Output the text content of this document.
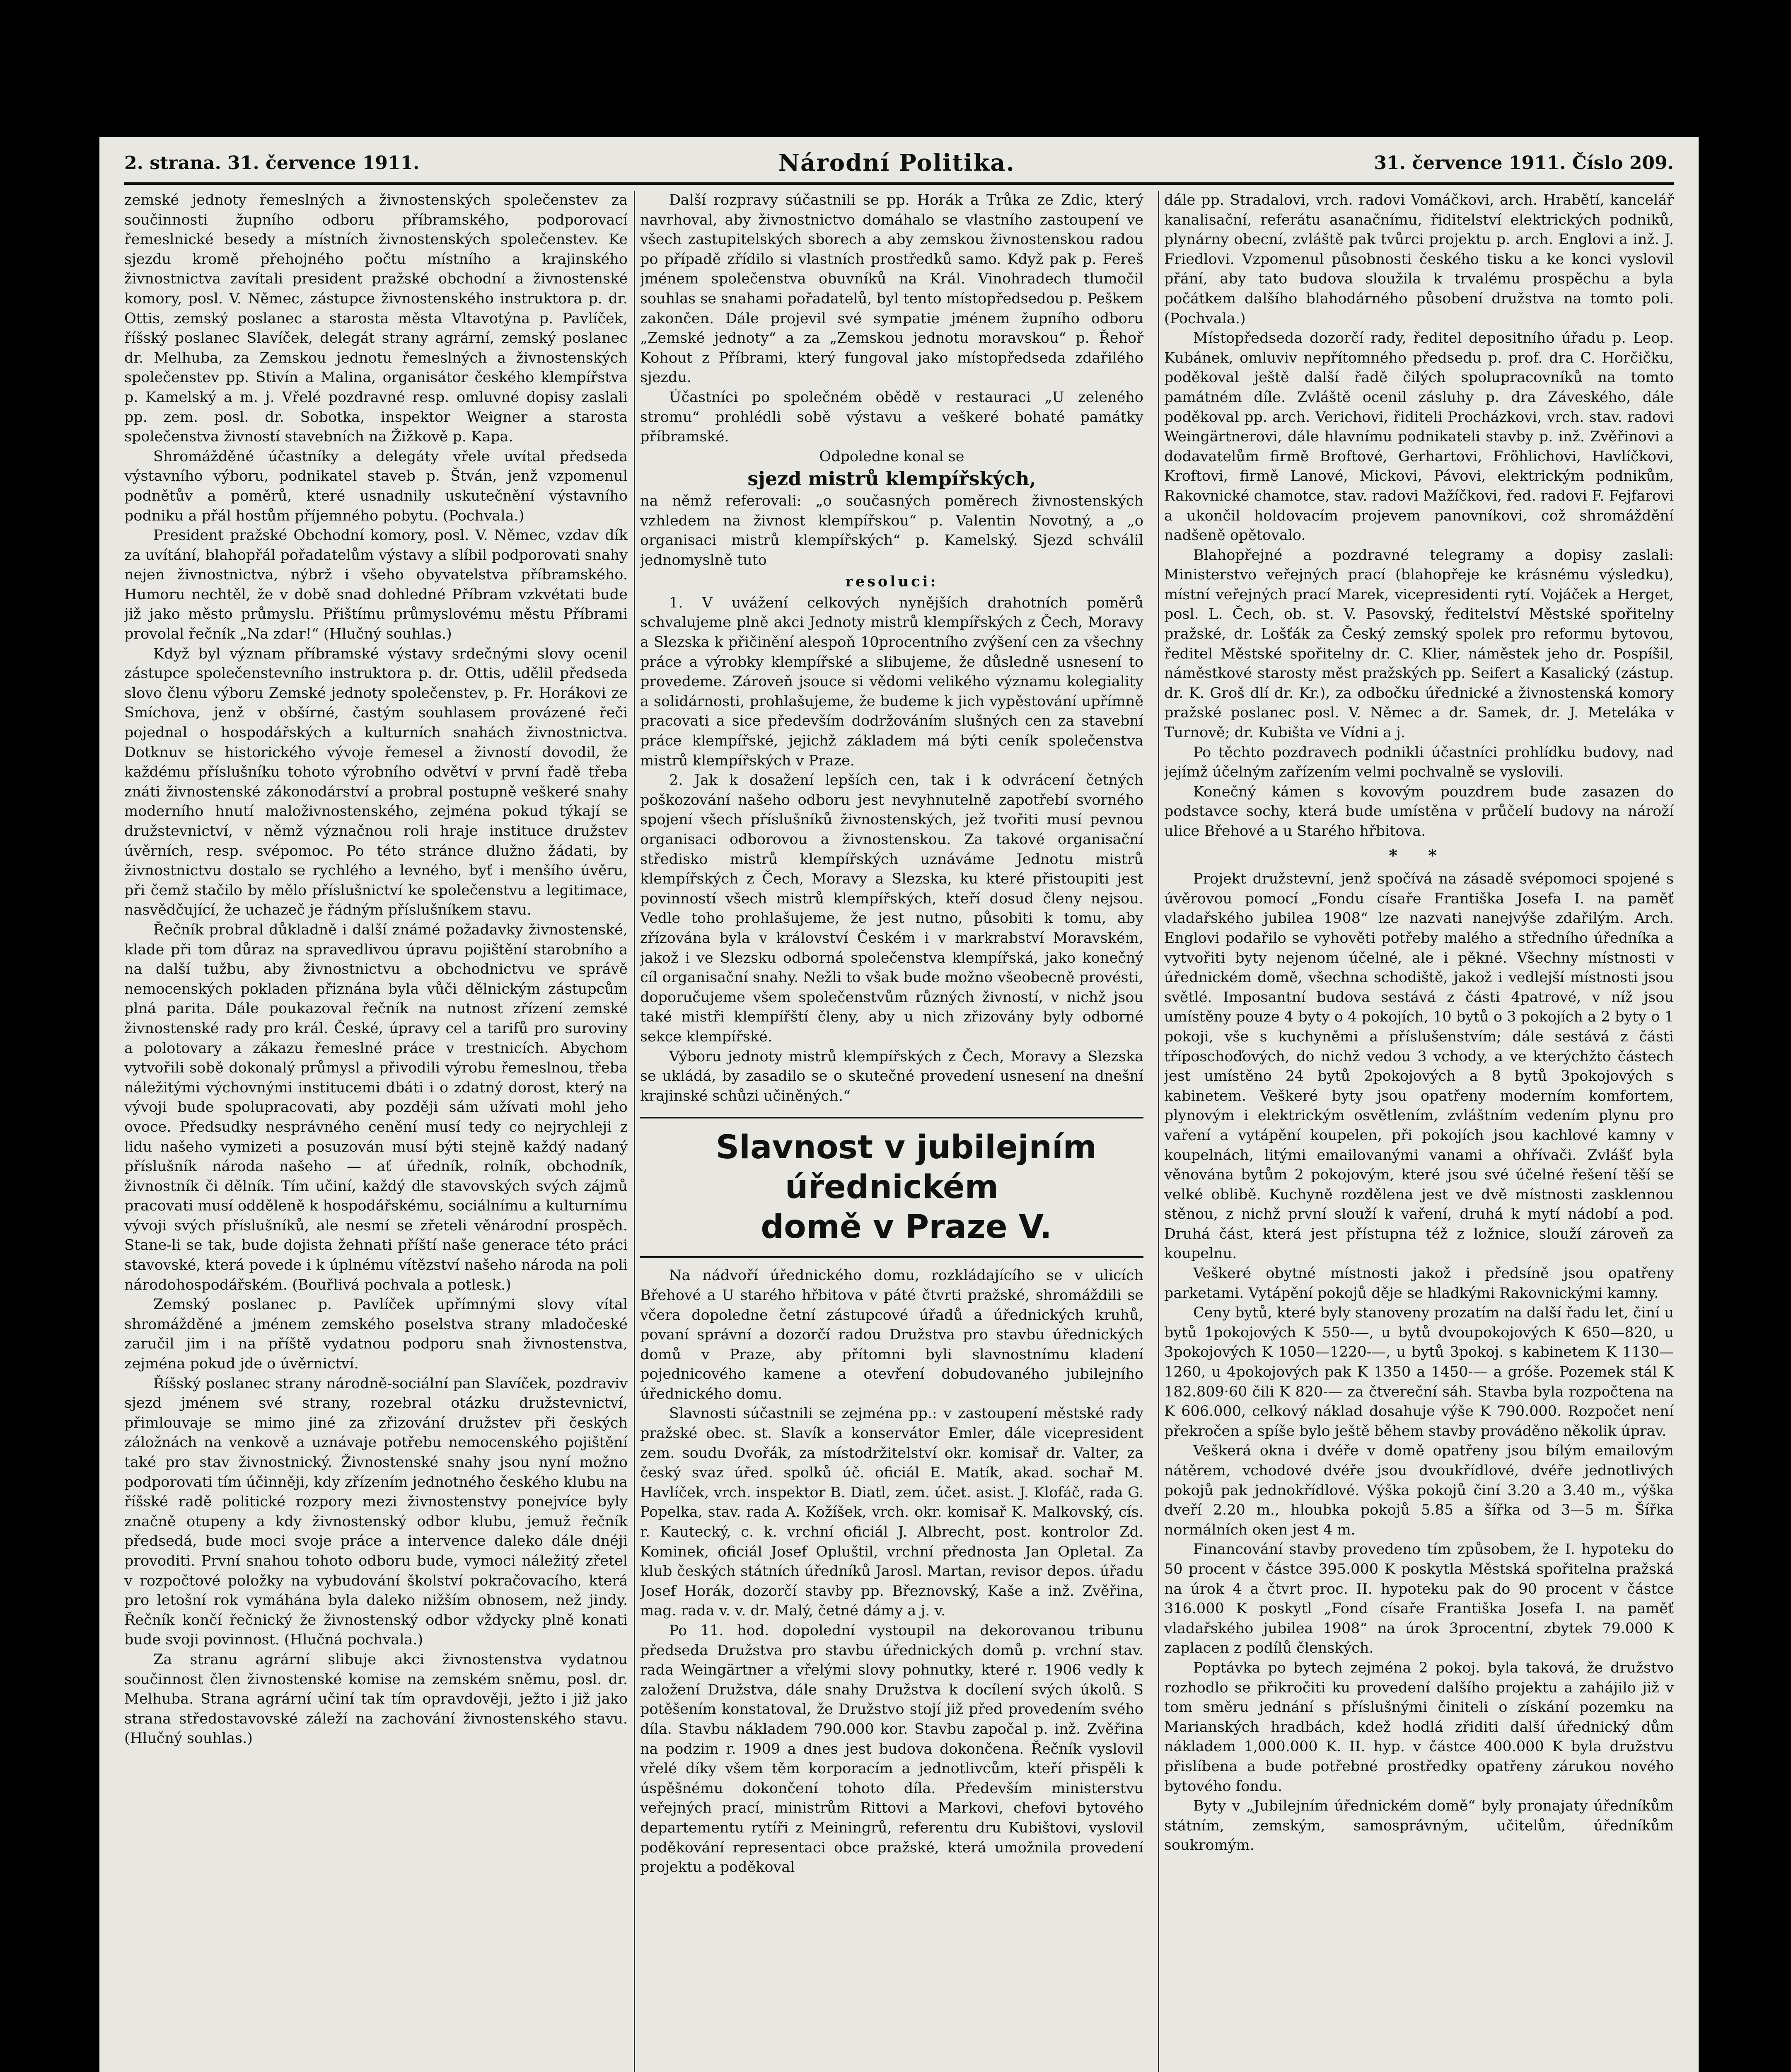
2. strana. 31. července 1911.	Národní Politika.	31. července 1911. Číslo 209.

zemské jednoty řemeslných a živnostenských společenstev za součinnosti župního odboru příbramského, podporovací řemeslnické besedy a místních živnostenských společenstev. Ke sjezdu kromě přehojného počtu místního a krajinského živnostnictva zavítali president pražské obchodní a živnostenské komory, posl. V. Němec, zástupce živnostenského instruktora p. dr. Ottis, zemský poslanec a starosta města Vltavotýna p. Pavlíček, říšský poslanec Slavíček, delegát strany agrární, zemský poslanec dr. Melhuba, za Zemskou jednotu řemeslných a živnostenských společenstev pp. Stivín a Malina, organisátor českého klempířstva p. Kamelský a m. j. Vřelé pozdravné resp. omluvné dopisy zaslali pp. zem. posl. dr. Sobotka, inspektor Weigner a starosta společenstva živností stavebních na Žižkově p. Kapa.

Shromážděné účastníky a delegáty vřele uvítal předseda výstavního výboru, podnikatel staveb p. Štván, jenž vzpomenul podnětův a poměrů, které usnadnily uskutečnění výstavního podniku a přál hostům příjemného pobytu. (Pochvala.)

President pražské Obchodní komory, posl. V. Němec, vzdav dík za uvítání, blahopřál pořadatelům výstavy a slíbil podporovati snahy nejen živnostnictva, nýbrž i všeho obyvatelstva příbramského. Humoru nechtěl, že v době snad dohledné Příbram vzkvétati bude již jako město průmyslu. Přištímu průmyslovému městu Příbrami provolal řečník „Na zdar!“ (Hlučný souhlas.)

Když byl význam příbramské výstavy srdečnými slovy ocenil zástupce společenstevního instruktora p. dr. Ottis, udělil předseda slovo členu výboru Zemské jednoty společenstev, p. Fr. Horákovi ze Smíchova, jenž v obšírné, častým souhlasem provázené řeči pojednal o hospodářských a kulturních snahách živnostnictva. Dotknuv se historického vývoje řemesel a živností dovodil, že každému příslušníku tohoto výrobního odvětví v první řadě třeba znáti živnostenské zákonodárství a probral postupně veškeré snahy moderního hnutí maloživnostenského, zejména pokud týkají se družstevnictví, v němž význačnou roli hraje instituce družstev úvěrních, resp. svépomoc. Po této stránce dlužno žádati, by živnostnictvu dostalo se rychlého a levného, byť i menšího úvěru, při čemž stačilo by mělo příslušnictví ke společenstvu a legitimace, nasvědčující, že uchazeč je řádným příslušníkem stavu.

Řečník probral důkladně i další známé požadavky živnostenské, klade při tom důraz na spravedlivou úpravu pojištění starobního a na další tužbu, aby živnostnictvu a obchodnictvu ve správě nemocenských pokladen přiznána byla vůči dělnickým zástupcům plná parita. Dále poukazoval řečník na nutnost zřízení zemské živnostenské rady pro král. České, úpravy cel a tarifů pro suroviny a polotovary a zákazu řemeslné práce v trestnicích. Abychom vytvořili sobě dokonalý průmysl a přivodili výrobu řemeslnou, třeba náležitými výchovnými institucemi dbáti i o zdatný dorost, který na vývoji bude spolupracovati, aby později sám užívati mohl jeho ovoce. Předsudky nesprávného cenění musí tedy co nejrychleji z lidu našeho vymizeti a posuzován musí býti stejně každý nadaný příslušník národa našeho — ať úředník, rolník, obchodník, živnostník či dělník. Tím učiní, každý dle stavovských svých zájmů pracovati musí odděleně k hospodářskému, sociálnímu a kulturnímu vývoji svých příslušníků, ale nesmí se zřeteli věnárodní prospěch. Stane-li se tak, bude dojista žehnati příští naše generace této práci stavovské, která povede i k úplnému vítězství našeho národa na poli národohospodářském. (Bouřlivá pochvala a potlesk.)

Zemský poslanec p. Pavlíček upřímnými slovy vítal shromážděné a jménem zemského poselstva strany mladočeské zaručil jim i na příště vydatnou podporu snah živnostenstva, zejména pokud jde o úvěrnictví.

Říšský poslanec strany národně-sociální pan Slavíček, pozdraviv sjezd jménem své strany, rozebral otázku družstevnictví, přimlouvaje se mimo jiné za zřizování družstev při českých záložnách na venkově a uznávaje potřebu nemocenského pojištění také pro stav živnostnický. Živnostenské snahy jsou nyní možno podporovati tím účinněji, kdy zřízením jednotného českého klubu na říšské radě politické rozpory mezi živnostenstvy ponejvíce byly značně otupeny a kdy živnostenský odbor klubu, jemuž řečník předsedá, bude moci svoje práce a intervence daleko dále dnéji provoditi. První snahou tohoto odboru bude, vymoci náležitý zřetel v rozpočtové položky na vybudování školství pokračovacího, která pro letošní rok vymáhána byla daleko nižším obnosem, než jindy. Řečník končí řečnický že živnostenský odbor vždycky plně konati bude svoji povinnost. (Hlučná pochvala.)

Za stranu agrární slibuje akci živnostenstva vydatnou součinnost člen živnostenské komise na zemském sněmu, posl. dr. Melhuba. Strana agrární učiní tak tím opravdověji, ježto i již jako strana středostavovské záleží na zachování živnostenského stavu. (Hlučný souhlas.)

Další rozpravy súčastnili se pp. Horák a Trůka ze Zdic, který navrhoval, aby živnostnictvo domáhalo se vlastního zastoupení ve všech zastupitelských sborech a aby zemskou živnostenskou radou po případě zřídilo si vlastních prostředků samo. Když pak p. Fereš jménem společenstva obuvníků na Král. Vinohradech tlumočil souhlas se snahami pořadatelů, byl tento místopředsedou p. Peškem zakončen. Dále projevil své sympatie jménem župního odboru „Zemské jednoty“ a za „Zemskou jednotu moravskou“ p. Řehoř Kohout z Příbrami, který fungoval jako místopředseda zdařilého sjezdu.

Účastníci po společném obědě v restauraci „U zeleného stromu“ prohlédli sobě výstavu a veškeré bohaté památky příbramské.

Odpoledne konal se

sjezd mistrů klempířských,

na němž referovali: „o současných poměrech živnostenských vzhledem na živnost klempířskou“ p. Valentin Novotný, a „o organisaci mistrů klempířských“ p. Kamelský. Sjezd schválil jednomyslně tuto

resoluci:

1. V uvážení celkových nynějších drahotních poměrů schvalujeme plně akci Jednoty mistrů klempířských z Čech, Moravy a Slezska k přičinění alespoň 10procentního zvýšení cen za všechny práce a výrobky klempířské a slibujeme, že důsledně usnesení to provedeme. Zároveň jsouce si vědomi velikého významu kolegiality a solidárnosti, prohlašujeme, že budeme k jich vypěstování upřímně pracovati a sice především dodržováním slušných cen za stavební práce klempířské, jejichž základem má býti ceník společenstva mistrů klempířských v Praze.

2. Jak k dosažení lepších cen, tak i k odvrácení četných poškozování našeho odboru jest nevyhnutelně zapotřebí svorného spojení všech příslušníků živnostenských, jež tvořiti musí pevnou organisaci odborovou a živnostenskou. Za takové organisační středisko mistrů klempířských uznáváme Jednotu mistrů klempířských z Čech, Moravy a Slezska, ku které přistoupiti jest povinností všech mistrů klempířských, kteří dosud členy nejsou. Vedle toho prohlašujeme, že jest nutno, působiti k tomu, aby zřízována byla v království Českém i v markrabství Moravském, jakož i ve Slezsku odborná společenstva klempířská, jako konečný cíl organisační snahy. Nežli to však bude možno všeobecně provésti, doporučujeme všem společenstvům různých živností, v nichž jsou také mistři klempířští členy, aby u nich zřizovány byly odborné sekce klempířské.

Výboru jednoty mistrů klempířských z Čech, Moravy a Slezska se ukládá, by zasadilo se o skutečné provedení usnesení na dnešní krajinské schůzi učiněných.“

Slavnost v jubilejním úřednickém

domě v Praze V.

Na nádvoří úřednického domu, rozkládajícího se v ulicích Břehové a U starého hřbitova v páté čtvrti pražské, shromáždili se včera dopoledne četní zástupcové úřadů a úřednických kruhů, povaní správní a dozorčí radou Družstva pro stavbu úřednických domů v Praze, aby přítomni byli slavnostnímu kladení pojednicového kamene a otevření dobudovaného jubilejního úřednického domu.

Slavnosti súčastnili se zejména pp.: v zastoupení městské rady pražské obec. st. Slavík a konservátor Emler, dále vicepresident zem. soudu Dvořák, za místodržitelství okr. komisař dr. Valter, za český svaz úřed. spolků úč. oficiál E. Matík, akad. sochař M. Havlíček, vrch. inspektor B. Diatl, zem. účet. asist. J. Klofáč, rada G. Popelka, stav. rada A. Kožíšek, vrch. okr. komisař K. Malkovský, cís. r. Kautecký, c. k. vrchní oficiál J. Albrecht, post. kontrolor Zd. Kominek, oficiál Josef Opluštil, vrchní přednosta Jan Opletal. Za klub českých státních úředníků Jarosl. Martan, revisor depos. úřadu Josef Horák, dozorčí stavby pp. Březnovský, Kaše a inž. Zvěřina, mag. rada v. v. dr. Malý, četné dámy a j. v.

Po 11. hod. dopolední vystoupil na dekorovanou tribunu předseda Družstva pro stavbu úřednických domů p. vrchní stav. rada Weingärtner a vřelými slovy pohnutky, které r. 1906 vedly k založení Družstva, dále snahy Družstva k docílení svých úkolů. S potěšením konstatoval, že Družstvo stojí již před provedením svého díla. Stavbu nákladem 790.000 kor. Stavbu započal p. inž. Zvěřina na podzim r. 1909 a dnes jest budova dokončena. Řečník vyslovil vřelé díky všem těm korporacím a jednotlivcům, kteří přispěli k úspěšnému dokončení tohoto díla. Především ministerstvu veřejných prací, ministrům Rittovi a Markovi, chefovi bytového departementu rytíři z Meiningrů, referentu dru Kubištovi, vyslovil poděkování representaci obce pražské, která umožnila provedení projektu a poděkoval

dále pp. Stradalovi, vrch. radovi Vomáčkovi, arch. Hrabětí, kancelář kanalisační, referátu asanačnímu, řiditelství elektrických podniků, plynárny obecní, zvláště pak tvůrci projektu p. arch. Englovi a inž. J. Friedlovi. Vzpomenul působnosti českého tisku a ke konci vyslovil přání, aby tato budova sloužila k trvalému prospěchu a byla počátkem dalšího blahodárného působení družstva na tomto poli. (Pochvala.)

Místopředseda dozorčí rady, ředitel depositního úřadu p. Leop. Kubánek, omluviv nepřítomného předsedu p. prof. dra C. Horčičku, poděkoval ještě další řadě čilých spolupracovníků na tomto památném díle. Zvláště ocenil zásluhy p. dra Záveského, dále poděkoval pp. arch. Verichovi, řiditeli Procházkovi, vrch. stav. radovi Weingärtnerovi, dále hlavnímu podnikateli stavby p. inž. Zvěřinovi a dodavatelům firmě Broftové, Gerhartovi, Fröhlichovi, Havlíčkovi, Kroftovi, firmě Lanové, Mickovi, Pávovi, elektrickým podnikům, Rakovnické chamotce, stav. radovi Mažíčkovi, řed. radovi F. Fejfarovi a ukončil holdovacím projevem panovníkovi, což shromáždění nadšeně opětovalo.

Blahopřejné a pozdravné telegramy a dopisy zaslali: Ministerstvo veřejných prací (blahopřeje ke krásnému výsledku), místní veřejných prací Marek, vicepresidenti rytí. Vojáček a Herget, posl. L. Čech, ob. st. V. Pasovský, ředitelství Městské spořitelny pražské, dr. Lošťák za Český zemský spolek pro reformu bytovou, ředitel Městské spořitelny dr. C. Klier, náměstek jeho dr. Pospíšil, náměstkové starosty měst pražských pp. Seifert a Kasalický (zástup. dr. K. Groš dlí dr. Kr.), za odbočku úřednické a živnostenská komory pražské poslanec posl. V. Němec a dr. Samek, dr. J. Meteláka v Turnově; dr. Kubišta ve Vídni a j.

Po těchto pozdravech podnikli účastníci prohlídku budovy, nad jejímž účelným zařízením velmi pochvalně se vyslovili.

Konečný kámen s kovovým pouzdrem bude zasazen do podstavce sochy, která bude umístěna v průčelí budovy na nároží ulice Břehové a u Starého hřbitova.

* *

Projekt družstevní, jenž spočívá na zásadě svépomoci spojené s úvěrovou pomocí „Fondu císaře Františka Josefa I. na paměť vladařského jubilea 1908“ lze nazvati nanejvýše zdařilým. Arch. Englovi podařilo se vyhověti potřeby malého a středního úředníka a vytvořiti byty nejenom účelné, ale i pěkné. Všechny místnosti v úřednickém domě, všechna schodiště, jakož i vedlejší místnosti jsou světlé. Imposantní budova sestává z části 4patrové, v níž jsou umístěny pouze 4 byty o 4 pokojích, 10 bytů o 3 pokojích a 2 byty o 1 pokoji, vše s kuchyněmi a příslušenstvím; dále sestává z části tříposchoďových, do nichž vedou 3 vchody, a ve kterýchžto částech jest umístěno 24 bytů 2pokojových a 8 bytů 3pokojových s kabinetem. Veškeré byty jsou opatřeny moderním komfortem, plynovým i elektrickým osvětlením, zvláštním vedením plynu pro vaření a vytápění koupelen, při pokojích jsou kachlové kamny v koupelnách, litými emailovanými vanami a ohřívači. Zvlášť byla věnována bytům 2 pokojovým, které jsou své účelné řešení těší se velké oblibě. Kuchyně rozdělena jest ve dvě místnosti zasklennou stěnou, z nichž první slouží k vaření, druhá k mytí nádobí a pod. Druhá část, která jest přístupna též z ložnice, slouží zároveň za koupelnu.

Veškeré obytné místnosti jakož i předsíně jsou opatřeny parketami. Vytápění pokojů děje se hladkými Rakovnickými kamny.

Ceny bytů, které byly stanoveny prozatím na další řadu let, činí u bytů 1pokojových K 550-—, u bytů dvoupokojových K 650—820, u 3pokojových K 1050—1220-—, u bytů 3pokoj. s kabinetem K 1130—1260, u 4pokojových pak K 1350 a 1450-— a gróše. Pozemek stál K 182.809·60 čili K 820-— za čtvereční sáh. Stavba byla rozpočtena na K 606.000, celkový náklad dosahuje výše K 790.000. Rozpočet není překročen a spíše bylo ještě během stavby prováděno několik úprav.

Veškerá okna i dvéře v domě opatřeny jsou bílým emailovým nátěrem, vchodové dvéře jsou dvoukřídlové, dvéře jednotlivých pokojů pak jednokřídlové. Výška pokojů činí 3.20 a 3.40 m., výška dveří 2.20 m., hloubka pokojů 5.85 a šířka od 3—5 m. Šířka normálních oken jest 4 m.

Financování stavby provedeno tím způsobem, že I. hypoteku do 50 procent v částce 395.000 K poskytla Městská spořitelna pražská na úrok 4 a čtvrt proc. II. hypoteku pak do 90 procent v částce 316.000 K poskytl „Fond císaře Františka Josefa I. na paměť vladařského jubilea 1908“ na úrok 3procentní, zbytek 79.000 K zaplacen z podílů členských.

Poptávka po bytech zejména 2 pokoj. byla taková, že družstvo rozhodlo se přikročiti ku provedení dalšího projektu a zahájilo již v tom směru jednání s příslušnými činiteli o získání pozemku na Marianských hradbách, kdež hodlá zřiditi další úřednický dům nákladem 1,000.000 K. II. hyp. v částce 400.000 K byla družstvu přislíbena a bude potřebné prostředky opatřeny zárukou nového bytového fondu.

Byty v „Jubilejním úřednickém domě“ byly pronajaty úředníkům státním, zemským, samosprávným, učitelům, úředníkům soukromým.
